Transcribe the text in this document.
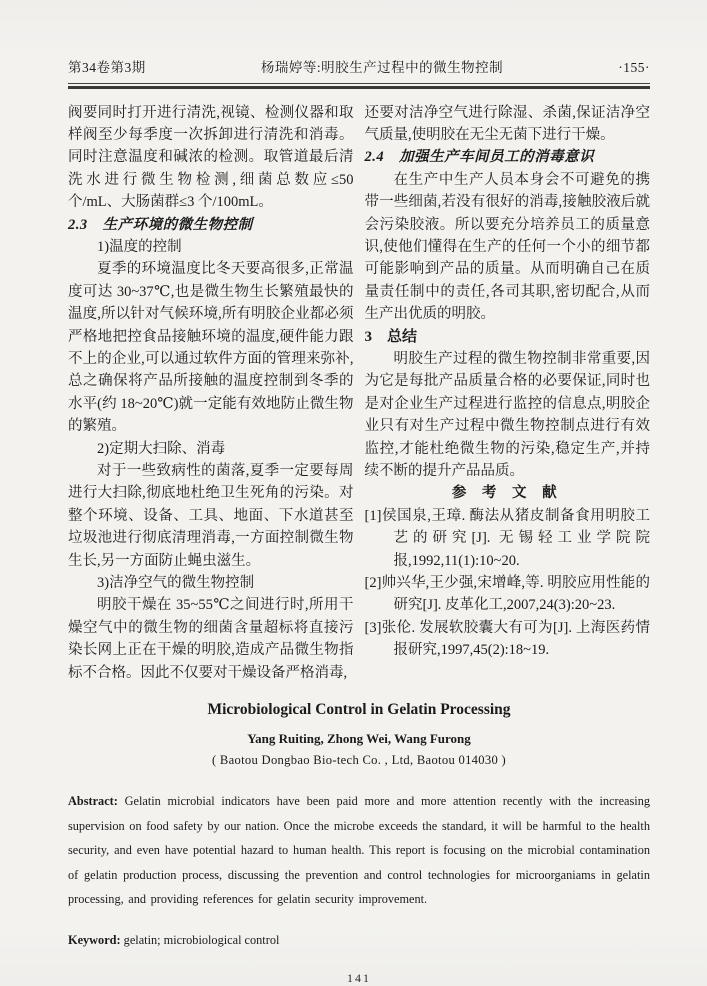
第34卷第3期	杨瑞婷等:明胶生产过程中的微生物控制	·155·

阀要同时打开进行清洗,视镜、检测仪器和取样阀至少每季度一次拆卸进行清洗和消毒。同时注意温度和碱浓的检测。取管道最后清洗水进行微生物检测,细菌总数应≤50 个/mL、大肠菌群≤3 个/100mL。

2.3　生产环境的微生物控制

1)温度的控制

夏季的环境温度比冬天要高很多,正常温度可达 30~37℃,也是微生物生长繁殖最快的温度,所以针对气候环境,所有明胶企业都必须严格地把控食品接触环境的温度,硬件能力跟不上的企业,可以通过软件方面的管理来弥补,总之确保将产品所接触的温度控制到冬季的水平(约 18~20℃)就一定能有效地防止微生物的繁殖。

2)定期大扫除、消毒

对于一些致病性的菌落,夏季一定要每周进行大扫除,彻底地杜绝卫生死角的污染。对整个环境、设备、工具、地面、下水道甚至垃圾池进行彻底清理消毒,一方面控制微生物生长,另一方面防止蝇虫滋生。

3)洁净空气的微生物控制

明胶干燥在 35~55℃之间进行时,所用干燥空气中的微生物的细菌含量超标将直接污染长网上正在干燥的明胶,造成产品微生物指标不合格。因此不仅要对干燥设备严格消毒,

还要对洁净空气进行除湿、杀菌,保证洁净空气质量,使明胶在无尘无菌下进行干燥。

2.4　加强生产车间员工的消毒意识

在生产中生产人员本身会不可避免的携带一些细菌,若没有很好的消毒,接触胶液后就会污染胶液。所以要充分培养员工的质量意识,使他们懂得在生产的任何一个小的细节都可能影响到产品的质量。从而明确自己在质量责任制中的责任,各司其职,密切配合,从而生产出优质的明胶。

3　总结

明胶生产过程的微生物控制非常重要,因为它是每批产品质量合格的必要保证,同时也是对企业生产过程进行监控的信息点,明胶企业只有对生产过程中微生物控制点进行有效监控,才能杜绝微生物的污染,稳定生产,并持续不断的提升产品品质。

参 考 文 献

[1]侯国泉,王璋. 酶法从猪皮制备食用明胶工艺的研究[J]. 无锡轻工业学院院报,1992,11(1):10~20.

[2]帅兴华,王少强,宋增峰,等. 明胶应用性能的研究[J]. 皮革化工,2007,24(3):20~23.

[3]张伦. 发展软胶囊大有可为[J]. 上海医药情报研究,1997,45(2):18~19.

Microbiological Control in Gelatin Processing
Yang Ruiting, Zhong Wei, Wang Furong
( Baotou Dongbao Bio-tech Co. , Ltd, Baotou 014030 )

Abstract: Gelatin microbial indicators have been paid more and more attention recently with the increasing supervision on food safety by our nation. Once the microbe exceeds the standard, it will be harmful to the health security, and even have potential hazard to human health. This report is focusing on the microbial contamination of gelatin production process, discussing the prevention and control technologies for microorganiams in gelatin processing, and providing references for gelatin security improvement.

Keyword: gelatin; microbiological control

141
